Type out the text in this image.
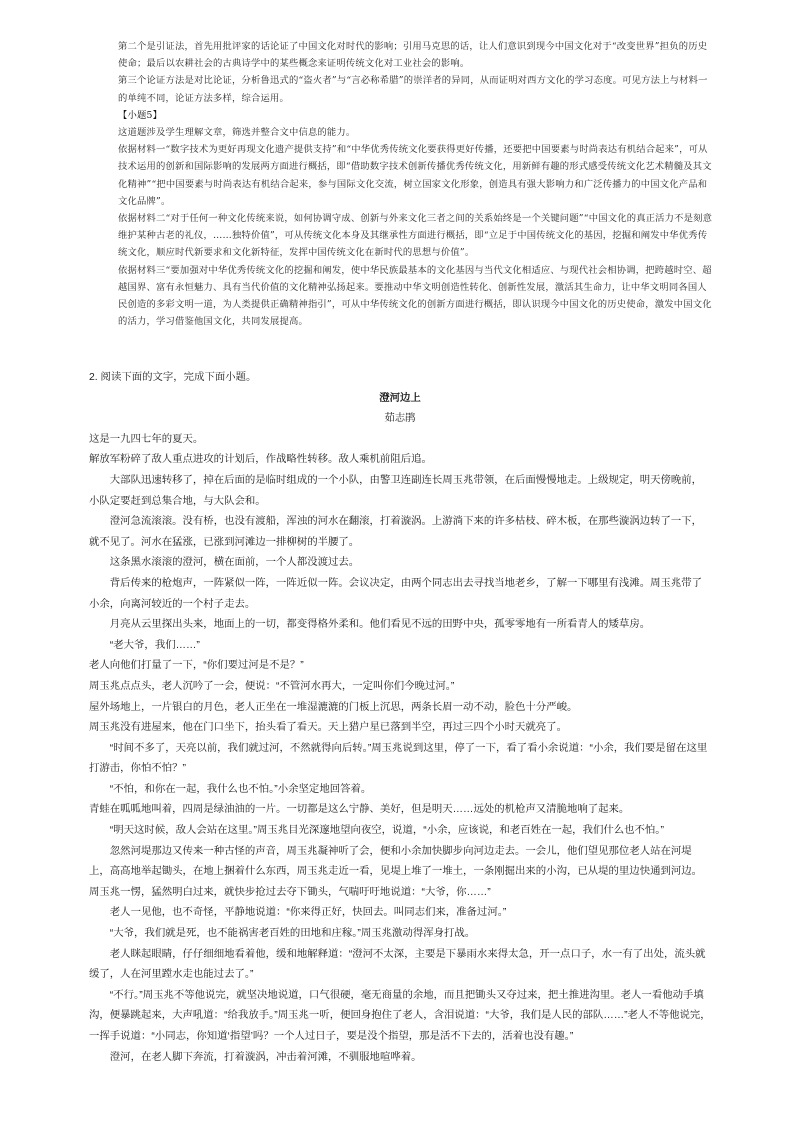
第二个是引证法，首先用批评家的话论证了中国文化对时代的影响；引用马克思的话，让人们意识到现今中国文化对于“改变世界”担负的历史使命；最后以农耕社会的古典诗学中的某些概念来证明传统文化对工业社会的影响。

第三个论证方法是对比论证，分析鲁迅式的“盗火者”与“言必称希腊”的崇洋者的异同，从而证明对西方文化的学习态度。可见方法上与材料一的单纯不同，论证方法多样，综合运用。

【小题5】

这道题涉及学生理解文章，筛选并整合文中信息的能力。

依据材料一“数字技术为更好再现文化遗产提供支持”和“中华优秀传统文化要获得更好传播，还要把中国要素与时尚表达有机结合起来”，可从技术运用的创新和国际影响的发展两方面进行概括，即“借助数字技术创新传播优秀传统文化，用新鲜有趣的形式感受传统文化艺术精髓及其文化精神”“把中国要素与时尚表达有机结合起来，参与国际文化交流，树立国家文化形象，创造具有强大影响力和广泛传播力的中国文化产品和文化品牌”。

依据材料二“对于任何一种文化传统来说，如何协调守成、创新与外来文化三者之间的关系始终是一个关键问题”“中国文化的真正活力不是刻意维护某种古老的礼仪，……独特价值”，可从传统文化本身及其继承性方面进行概括，即“立足于中国传统文化的基因，挖掘和阐发中华优秀传统文化，顺应时代新要求和文化新特征，发挥中国传统文化在新时代的思想与价值”。

依据材料三“要加强对中华优秀传统文化的挖掘和阐发，使中华民族最基本的文化基因与当代文化相适应、与现代社会相协调，把跨越时空、超越国界、富有永恒魅力、具有当代价值的文化精神弘扬起来。要推动中华文明创造性转化、创新性发展，激活其生命力，让中华文明同各国人民创造的多彩文明一道，为人类提供正确精神指引”，可从中华传统文化的创新方面进行概括，即认识现今中国文化的历史使命，激发中国文化的活力，学习借鉴他国文化，共同发展提高。

2. 阅读下面的文字，完成下面小题。

澄河边上

茹志鹃

这是一九四七年的夏天。

解放军粉碎了敌人重点进攻的计划后，作战略性转移。敌人乘机前阻后追。

大部队迅速转移了，掉在后面的是临时组成的一个小队，由警卫连副连长周玉兆带领，在后面慢慢地走。上级规定，明天傍晚前，小队定要赶到总集合地，与大队会和。

澄河急流滚滚。没有桥，也没有渡船，浑浊的河水在翻滚，打着漩涡。上游淌下来的许多枯枝、碎木板，在那些漩涡边转了一下，就不见了。河水在猛涨，已涨到河滩边一排柳树的半腰了。

这条黑水滚滚的澄河，横在面前，一个人都没渡过去。

背后传来的枪炮声，一阵紧似一阵，一阵近似一阵。会议决定，由两个同志出去寻找当地老乡，了解一下哪里有浅滩。周玉兆带了小余，向离河较近的一个村子走去。

月亮从云里探出头来，地面上的一切，都变得格外柔和。他们看见不远的田野中央，孤零零地有一所看青人的矮草房。

“老大爷，我们……”

老人向他们打量了一下，“你们要过河是不是？”

周玉兆点点头，老人沉吟了一会，便说：“不管河水再大，一定叫你们今晚过河。”

屋外场地上，一片银白的月色，老人正坐在一堆湿漉漉的门板上沉思，两条长眉一动不动，脸色十分严峻。

周玉兆没有进屋来，他在门口坐下，抬头看了看天。天上猎户星已落到半空，再过三四个小时天就亮了。

“时间不多了，天亮以前，我们就过河，不然就得向后转。”周玉兆说到这里，停了一下，看了看小余说道：“小余，我们要是留在这里打游击，你怕不怕？”

“不怕，和你在一起，我什么也不怕。”小余坚定地回答着。

青蛙在呱呱地叫着，四周是绿油油的一片。一切都是这么宁静、美好，但是明天……远处的机枪声又清脆地响了起来。

“明天这时候，敌人会站在这里。”周玉兆目光深邃地望向夜空，说道，“小余，应该说，和老百姓在一起，我们什么也不怕。”

忽然河堤那边又传来一种古怪的声音，周玉兆凝神听了会，便和小余加快脚步向河边走去。一会儿，他们望见那位老人站在河堤上，高高地举起锄头，在地上捆着什么东西，周玉兆走近一看，见堤上堆了一堆土，一条刚掘出来的小沟，已从堤的里边快通到河边。周玉兆一愣，猛然明白过来，就快步抢过去夺下锄头，气喘吁吁地说道：“大爷，你……”

老人一见他，也不奇怪，平静地说道：“你来得正好，快回去。叫同志们来，准备过河。”

“大爷，我们就是死，也不能祸害老百姓的田地和庄稼。”周玉兆激动得浑身打战。

老人眯起眼睛，仔仔细细地看着他，缓和地解释道：“澄河不太深，主要是下暴雨水来得太急，开一点口子，水一有了出处，流头就缓了，人在河里蹚水走也能过去了。”

“不行。”周玉兆不等他说完，就坚决地说道，口气很硬，毫无商量的余地，而且把锄头又夺过来，把土推进沟里。老人一看他动手填沟，便暴跳起来，大声吼道：“给我放手。”周玉兆一听，便回身抱住了老人，含泪说道：“大爷，我们是人民的部队……”老人不等他说完，一挥手说道：“小同志，你知道‘指望’吗？一个人过日子，要是没个指望，那是活不下去的，活着也没有趣。”

澄河，在老人脚下奔流，打着漩涡，冲击着河滩，不驯服地喧哗着。
